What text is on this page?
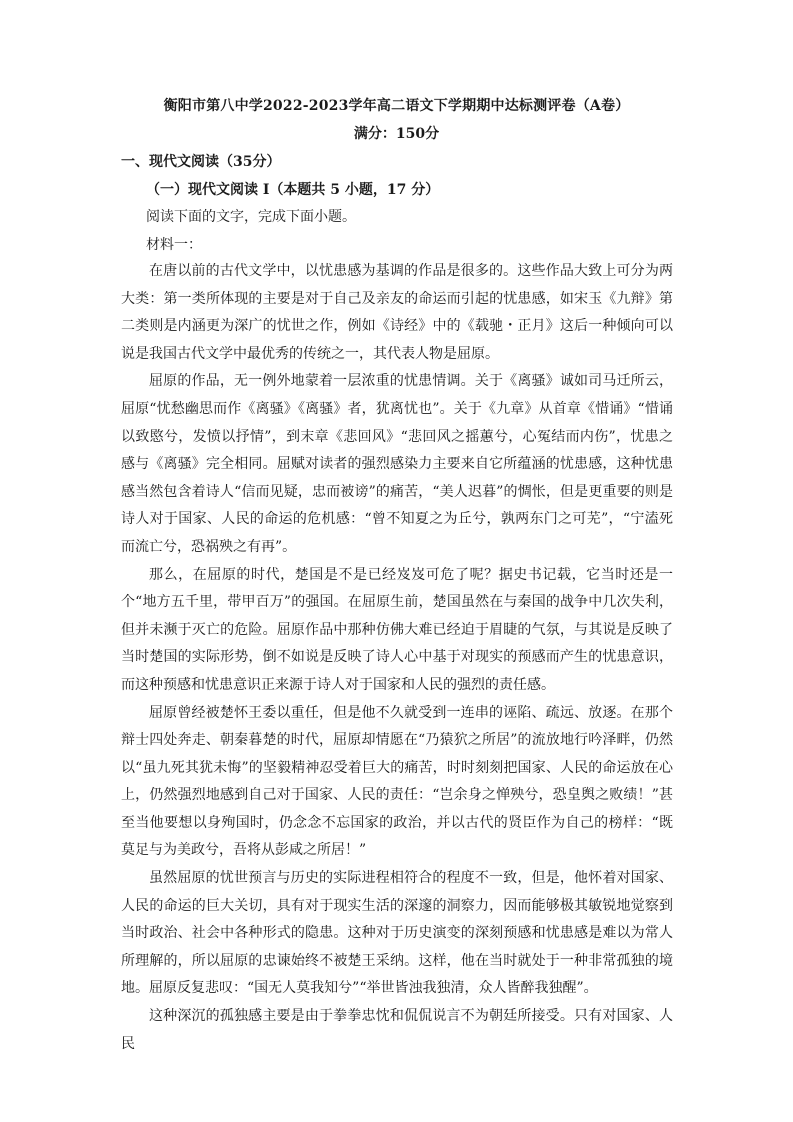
衡阳市第八中学2022-2023学年高二语文下学期期中达标测评卷（A卷）
满分：150分
一、现代文阅读（35分）
（一）现代文阅读 I（本题共 5 小题，17 分）
阅读下面的文字，完成下面小题。
材料一：

在唐以前的古代文学中，以忧患感为基调的作品是很多的。这些作品大致上可分为两大类：第一类所体现的主要是对于自己及亲友的命运而引起的忧患感，如宋玉《九辩》第二类则是内涵更为深广的忧世之作，例如《诗经》中的《载驰・正月》这后一种倾向可以说是我国古代文学中最优秀的传统之一，其代表人物是屈原。

屈原的作品，无一例外地蒙着一层浓重的忧患情调。关于《离骚》诚如司马迁所云，屈原“忧愁幽思而作《离骚》《离骚》者，犹离忧也”。关于《九章》从首章《惜诵》“惜诵以致愍兮，发愤以抒情”，到末章《悲回风》“悲回风之摇蕙兮，心冤结而内伤”，忧患之感与《离骚》完全相同。屈赋对读者的强烈感染力主要来自它所蕴涵的忧患感，这种忧患感当然包含着诗人“信而见疑，忠而被谤”的痛苦，“美人迟暮”的惆怅，但是更重要的则是诗人对于国家、人民的命运的危机感：“曾不知夏之为丘兮，孰两东门之可芜”，“宁溘死而流亡兮，恐祸殃之有再”。

那么，在屈原的时代，楚国是不是已经岌岌可危了呢？据史书记载，它当时还是一个“地方五千里，带甲百万”的强国。在屈原生前，楚国虽然在与秦国的战争中几次失利，但并未濒于灭亡的危险。屈原作品中那种仿佛大难已经迫于眉睫的气氛，与其说是反映了当时楚国的实际形势，倒不如说是反映了诗人心中基于对现实的预感而产生的忧患意识，而这种预感和忧患意识正来源于诗人对于国家和人民的强烈的责任感。

屈原曾经被楚怀王委以重任，但是他不久就受到一连串的诬陷、疏远、放逐。在那个辩士四处奔走、朝秦暮楚的时代，屈原却情愿在“乃猿狖之所居”的流放地行吟泽畔，仍然以“虽九死其犹未悔”的坚毅精神忍受着巨大的痛苦，时时刻刻把国家、人民的命运放在心上，仍然强烈地感到自己对于国家、人民的责任：“岂余身之惮殃兮，恐皇舆之败绩！”甚至当他要想以身殉国时，仍念念不忘国家的政治，并以古代的贤臣作为自己的榜样：“既莫足与为美政兮，吾将从彭咸之所居！”

虽然屈原的忧世预言与历史的实际进程相符合的程度不一致，但是，他怀着对国家、人民的命运的巨大关切，具有对于现实生活的深邃的洞察力，因而能够极其敏锐地觉察到当时政治、社会中各种形式的隐患。这种对于历史演变的深刻预感和忧患感是难以为常人所理解的，所以屈原的忠谏始终不被楚王采纳。这样，他在当时就处于一种非常孤独的境地。屈原反复悲叹：“国无人莫我知兮”“举世皆浊我独清，众人皆醉我独醒”。

这种深沉的孤独感主要是由于拳拳忠忱和侃侃说言不为朝廷所接受。只有对国家、人民
